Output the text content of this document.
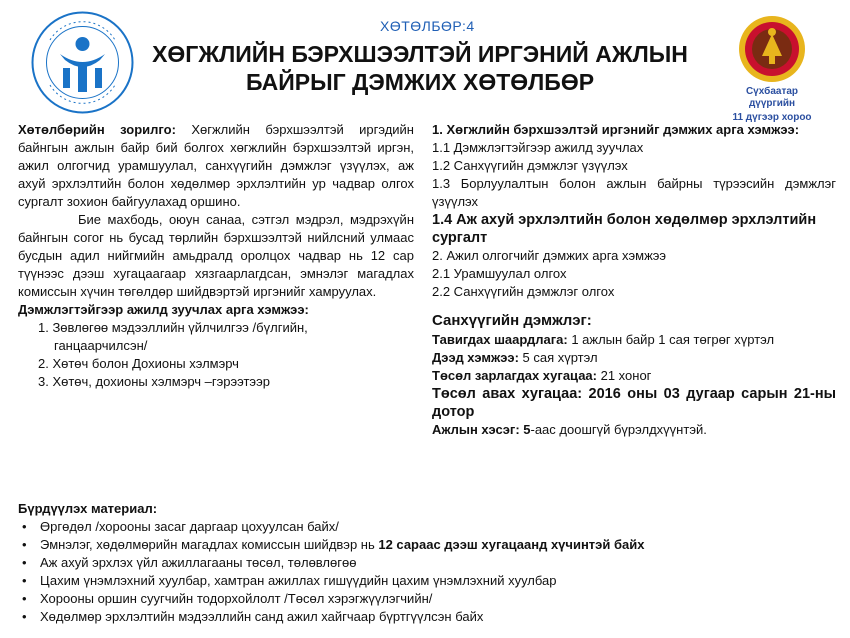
ХӨТӨЛБӨР:4
ХӨГЖЛИЙН БЭРХШЭЭЛТЭЙ ИРГЭНИЙ АЖЛЫН
БАЙРЫГ ДЭМЖИХ ХӨТӨЛБӨР	Сүхбаатар дүүргийн
11 дүгээр хороо

Хөтөлбөрийн зорилго: Хөгжлийн бэрхшээлтэй иргэдийн байнгын ажлын байр бий болгох хөгжлийн бэрхшээлтэй иргэн, ажил олгогчид урамшуулал, санхүүгийн дэмжлэг үзүүлэх, аж ахуй эрхлэлтийн болон хөдөлмөр эрхлэлтийн ур чадвар олгох сургалт зохион байгуулахад оршино.

Бие махбодь, оюун санаа, сэтгэл мэдрэл, мэдрэхүйн байнгын согог нь бусад төрлийн бэрхшээлтэй нийлсний улмаас бусдын адил нийгмийн амьдралд оролцох чадвар нь 12 сар түүнээс дээш хугацаагаар хязгаарлагдсан, эмнэлэг магадлах комиссын хүчин төгөлдөр шийдвэртэй иргэнийг хамруулах.

Дэмжлэгтэйгээр ажилд зуучлах арга хэмжээ:

1. Зөвлөгөө мэдээллийн үйлчилгээ /бүлгийн,
ганцаарчилсэн/
2. Хөтөч болон Дохионы хэлмэрч
3. Хөтөч, дохионы хэлмэрч –гэрээтээр

1. Хөгжлийн бэрхшээлтэй иргэнийг дэмжих арга хэмжээ:

1.1 Дэмжлэгтэйгээр ажилд зуучлах

1.2 Санхүүгийн дэмжлэг үзүүлэх

1.3 Борлуулалтын болон ажлын байрны түрээсийн дэмжлэг үзүүлэх

1.4 Аж ахуй эрхлэлтийн болон хөдөлмөр эрхлэлтийн сургалт

2. Ажил олгогчийг дэмжих арга хэмжээ

2.1 Урамшуулал олгох

2.2 Санхүүгийн дэмжлэг олгох

Санхүүгийн дэмжлэг:

Тавигдах шаардлага: 1 ажлын байр 1 сая төгрөг хүртэл

Дээд хэмжээ: 5 сая хүртэл

Төсөл зарлагдах хугацаа: 21 хоног

Төсөл авах хугацаа: 2016 оны 03 дугаар сарын 21-ны дотор

Ажлын хэсэг: 5-аас доошгүй бүрэлдхүүнтэй.

Бүрдүүлэх материал:

• Өргөдөл /хорооны засаг даргаар цохуулсан байх/
• Эмнэлэг, хөдөлмөрийн магадлах комиссын шийдвэр нь 12 сараас дээш хугацаанд хүчинтэй байх
• Аж ахуй эрхлэх үйл ажиллагааны төсөл, төлөвлөгөө
• Цахим үнэмлэхний хуулбар, хамтран ажиллах гишүүдийн цахим үнэмлэхний хуулбар
• Хорооны оршин суугчийн тодорхойлолт /Төсөл хэрэгжүүлэгчийн/
• Хөдөлмөр эрхлэлтийн мэдээллийн санд ажил хайгчаар бүртгүүлсэн байх
